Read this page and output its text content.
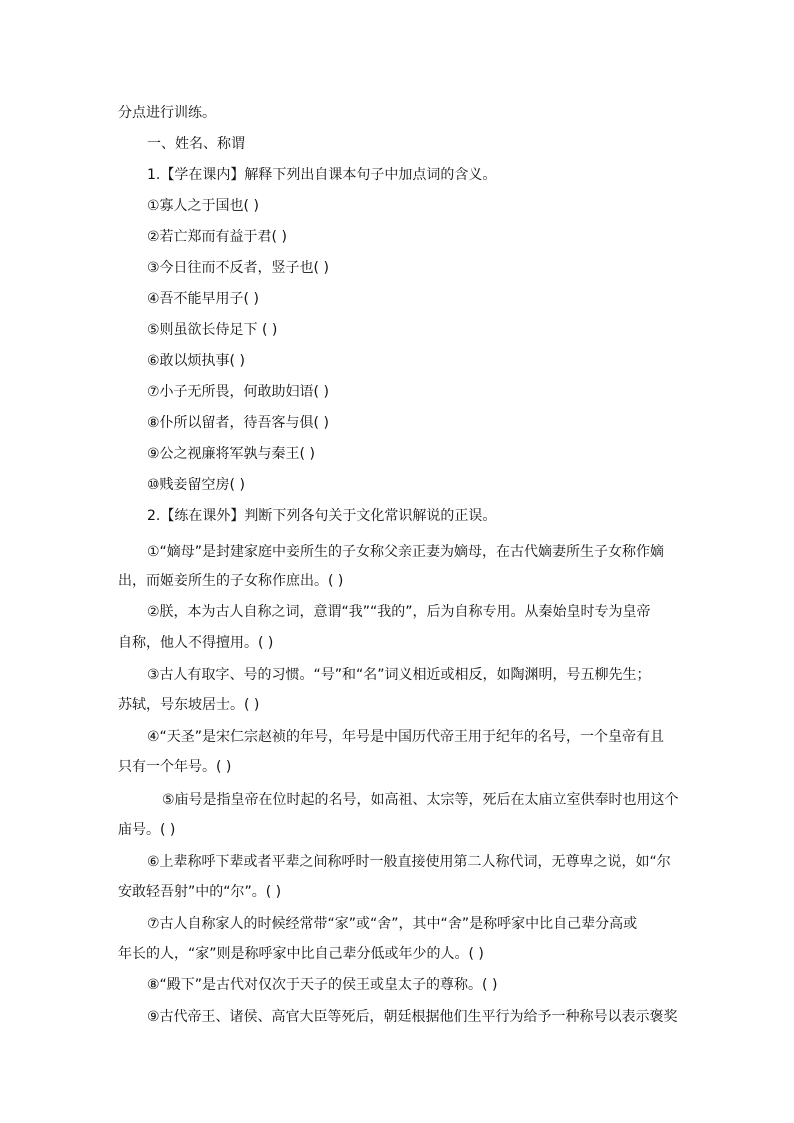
分点进行训练。
一、姓名、称谓
1.【学在课内】解释下列出自课本句子中加点词的含义。
①寡人之于国也( )
②若亡郑而有益于君( )
③今日往而不反者，竖子也( )
④吾不能早用子( )
⑤则虽欲长侍足下 ( )
⑥敢以烦执事( )
⑦小子无所畏，何敢助妇语( )
⑧仆所以留者，待吾客与俱( )
⑨公之视廉将军孰与秦王( )
⑩贱妾留空房( )
2.【练在课外】判断下列各句关于文化常识解说的正误。
①“嫡母”是封建家庭中妾所生的子女称父亲正妻为嫡母，在古代嫡妻所生子女称作嫡
出，而姬妾所生的子女称作庶出。( )
②朕，本为古人自称之词，意谓“我”“我的”，后为自称专用。从秦始皇时专为皇帝
自称，他人不得擅用。( )
③古人有取字、号的习惯。“号”和“名”词义相近或相反，如陶渊明，号五柳先生；
苏轼，号东坡居士。( )
④“天圣”是宋仁宗赵祯的年号，年号是中国历代帝王用于纪年的名号，一个皇帝有且
只有一个年号。( )
⑤庙号是指皇帝在位时起的名号，如高祖、太宗等，死后在太庙立室供奉时也用这个
庙号。( )
⑥上辈称呼下辈或者平辈之间称呼时一般直接使用第二人称代词，无尊卑之说，如“尔
安敢轻吾射”中的“尔”。( )
⑦古人自称家人的时候经常带“家”或“舍”，其中“舍”是称呼家中比自己辈分高或
年长的人，“家”则是称呼家中比自己辈分低或年少的人。( )
⑧“殿下”是古代对仅次于天子的侯王或皇太子的尊称。( )
⑨古代帝王、诸侯、高官大臣等死后，朝廷根据他们生平行为给予一种称号以表示褒奖
